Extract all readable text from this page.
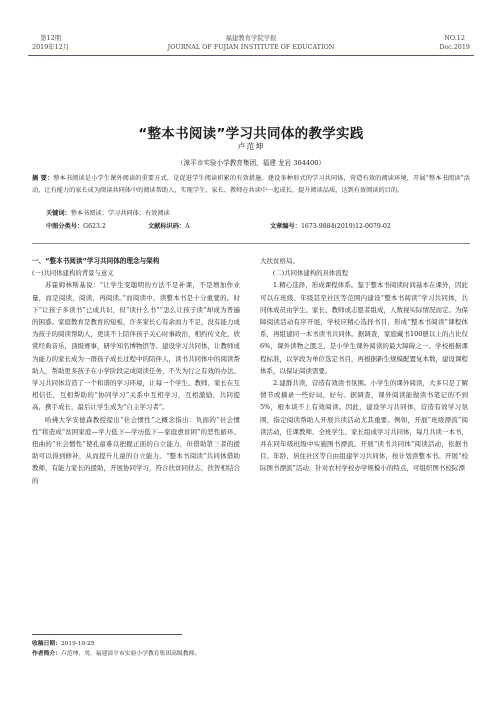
第12期
2019年12月
福建教育学院学报
JOURNAL OF FUJIAN INSTITUTE OF EDUCATION
NO.12
Dec.2019
“整本书阅读”学习共同体的教学实践
卢范坤
（漳平市实验小学教育集团，福建 龙岩 364400）
摘 要：整本书阅读是小学生课外阅读的重要方式，是促进学生阅读积累的有效措施。建设多种形式的学习共同体，营造有效的阅读环境，开展“整本书阅读”活动，让有能力的家长成为阅读共同体中的阅读帮助人，实现学生、家长、教师在共读中一起成长，提升阅读品质，达到有效阅读的目的。
关键词：整本书阅读；学习共同体；有效阅读
中图分类号：G623.2	文献标识码：A	文章编号：1673-9884(2019)12-0079-02
一、“整本书阅读”学习共同体的理念与架构
(一)共同体建构的背景与意义

苏霍姆林斯基说：“让学生变聪明的方法不是补课，不是增加作业量，而是阅读，阅读，再阅读。”而阅读中，读整本书是十分重要的。时下“让孩子多读书”已成共识，但“读什么书”“怎么让孩子读”却成为普遍的困惑。家庭教育是教育的短板，许多家长心有余而力不足，没有能力成为孩子的阅读帮助人，更谈不上陪伴孩子关心时事政治，相约传文化，欣赏经典音乐，顶级赛事，研学知名博物馆等。建设学习共同体，让教师成为能力的家长成为一群孩子成长过程中的陪伴人，读书共同体中的阅读帮助人，帮助更多孩子在小学阶段完成阅读任务，不失为行之有效的办法。学习共同体营造了一个和谐的学习环境，让每一个学生、教师、家长在互相信任，互相帮助的“协同学习”关系中互相学习，互相激励，共同提高，携手成长，最后让学生成为“自主学习者”。

哈佛大学安德森教授提出“社会惯性”之概念指出：负面的“社会惯性”将造成“贫困家庭—学力低下—学历低下—家庭愈贫困”的恶性循环。扭曲的“社会惯性”使孔童难以把握正面的自立能力，但借助第三者的援助可以得到修补，从而提升儿童的自立能力。“整本书阅读”共同体借助教师，有能力家长的援助，开展协同学习，符合扶贫同扶志，扶智相结合的

大扶贫格局。

(二)共同体建构的具体流程

1.精心选择，形成课程体系。鉴于整本书阅读时间基本在课外，因此可以在班级、年级甚至社区等范围内建设“整本书阅读”学习共同体，共同体成员由学生、家长、教师或志愿者组成，人数视实际情况而定。为保障阅读活动有序开展，学校应精心选择书目，形成“整本书阅读”课程体系，再组建同一本书读书共同体。据调查，家庭藏书100册以上的占比仅6%，课外读物之匮乏，是小学生课外阅读的最大障碍之一。学校根据课程标准，以学段为单位选定书目，再根据新生规模配置复本数，建设课程体系，以保证阅读需要。

2.建群共读，营造有效读书氛围。小学生的课外阅读，大多只是了解情节或摘录一些好词、好句。据调查，课外阅读能做读书笔记的不到5%，根本谈不上有效阅读。因此，建设学习共同体，营造有效学习氛围，指定阅读帮助人开展共读活动尤其重要。例如，开展“班级漂流”阅读活动，任课教师、全班学生、家长组成学习共同体，每月共读一本书，并在同年级班级中实施图书漂流。开展“读书共同体”阅读活动，依据书目、年龄、居住社区等自由组建学习共同体，按计划读整本书。开展“校际图书漂流”活动，针对农村学校办学规模小的特点，可组织图书校际漂

收稿日期：2019-10-25
作者简介：卢范坤，男，福建漳平市实验小学教育集团高级教师。
